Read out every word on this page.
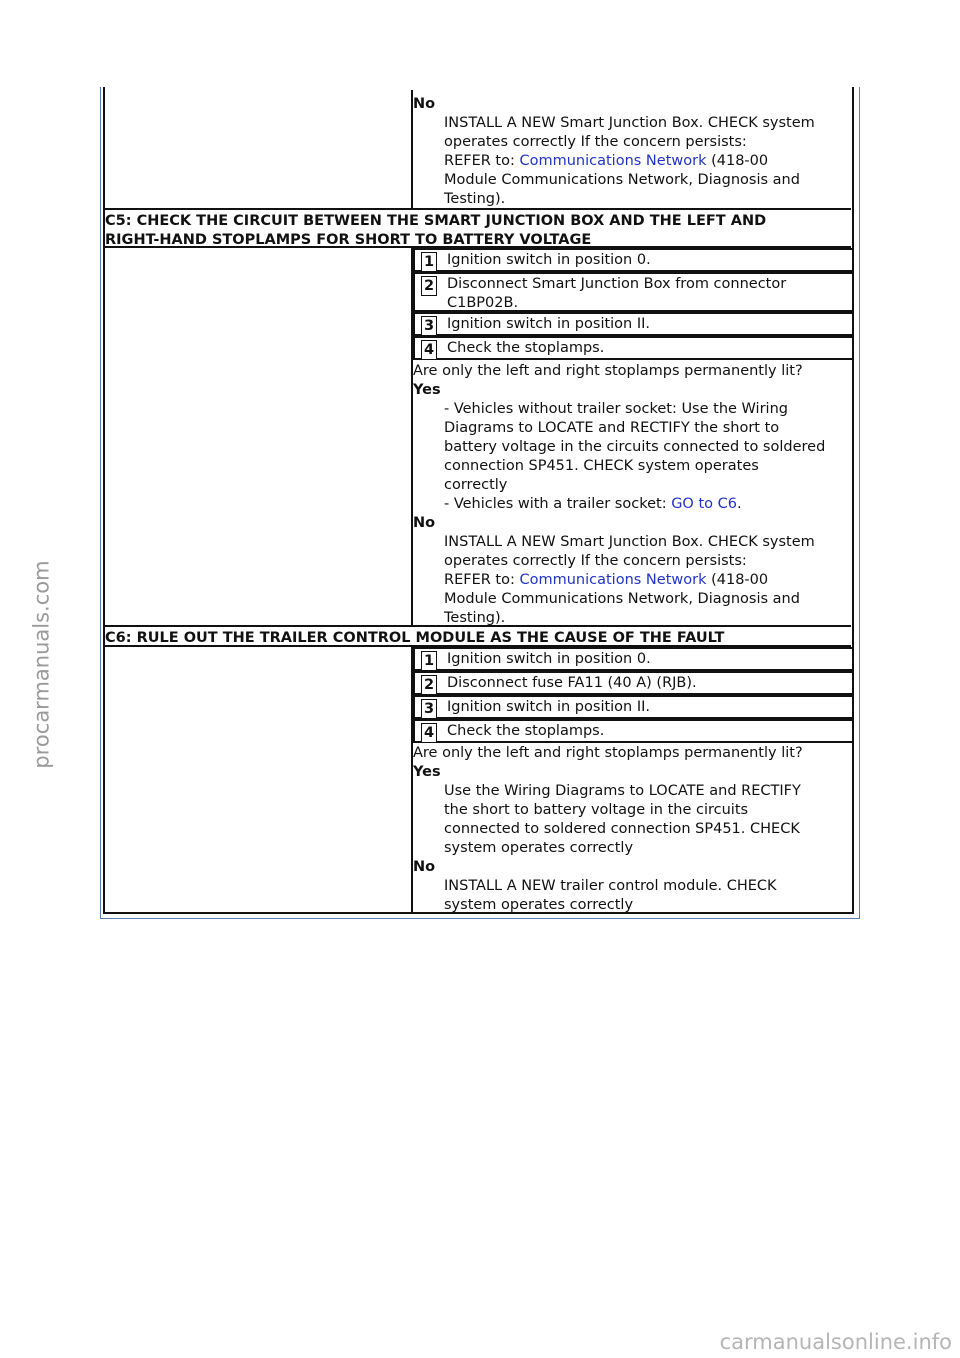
No
INSTALL A NEW Smart Junction Box. CHECK system
operates correctly If the concern persists:
REFER to: Communications Network (418-00
Module Communications Network, Diagnosis and
Testing).
C5: CHECK THE CIRCUIT BETWEEN THE SMART JUNCTION BOX AND THE LEFT AND
RIGHT-HAND STOPLAMPS FOR SHORT TO BATTERY VOLTAGE
1 Ignition switch in position 0.
2 Disconnect Smart Junction Box from connector
C1BP02B.
3 Ignition switch in position II.
4 Check the stoplamps.
Are only the left and right stoplamps permanently lit?
Yes
- Vehicles without trailer socket: Use the Wiring
Diagrams to LOCATE and RECTIFY the short to
battery voltage in the circuits connected to soldered
connection SP451. CHECK system operates
correctly
- Vehicles with a trailer socket: GO to C6.
No
INSTALL A NEW Smart Junction Box. CHECK system
operates correctly If the concern persists:
REFER to: Communications Network (418-00
Module Communications Network, Diagnosis and
Testing).
C6: RULE OUT THE TRAILER CONTROL MODULE AS THE CAUSE OF THE FAULT
1 Ignition switch in position 0.
2 Disconnect fuse FA11 (40 A) (RJB).
3 Ignition switch in position II.
4 Check the stoplamps.
Are only the left and right stoplamps permanently lit?
Yes
Use the Wiring Diagrams to LOCATE and RECTIFY
the short to battery voltage in the circuits
connected to soldered connection SP451. CHECK
system operates correctly
No
INSTALL A NEW trailer control module. CHECK
system operates correctly
procarmanuals.com
carmanualsonline.info
